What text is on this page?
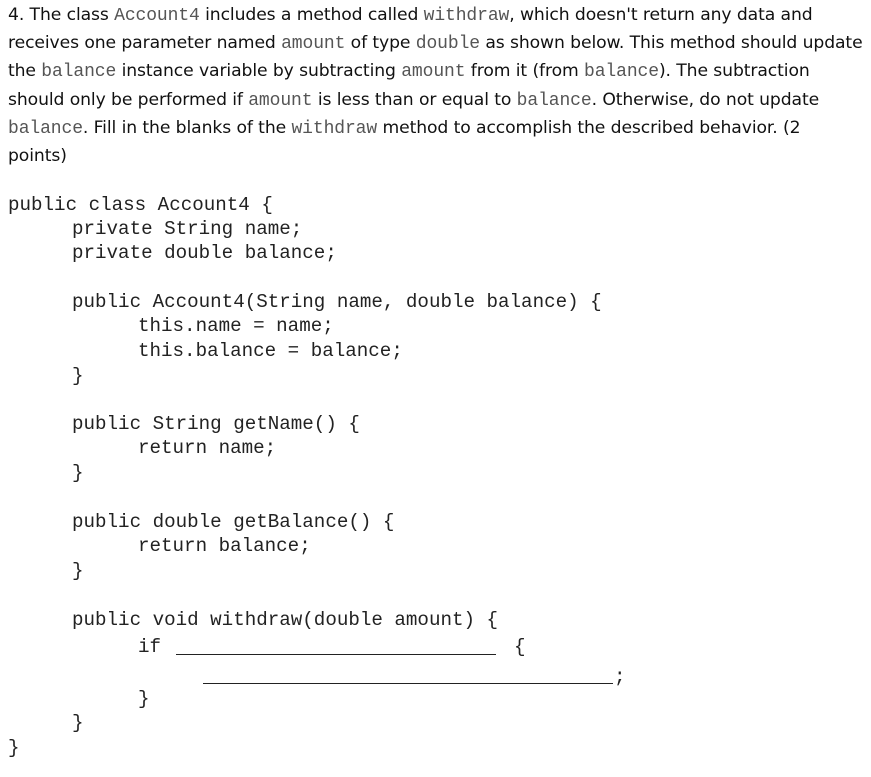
4. The class Account4 includes a method called withdraw, which doesn't return any data and receives one parameter named amount of type double as shown below. This method should update the balance instance variable by subtracting amount from it (from balance). The subtraction should only be performed if amount is less than or equal to balance. Otherwise, do not update balance. Fill in the blanks of the withdraw method to accomplish the described behavior. (2 points)
public class Account4 {
private String name;
private double balance;
public Account4(String name, double balance) {
this.name = name;
this.balance = balance;
}
public String getName() {
return name;
}
public double getBalance() {
return balance;
}
public void withdraw(double amount) {
if	{
;
}
}
}
